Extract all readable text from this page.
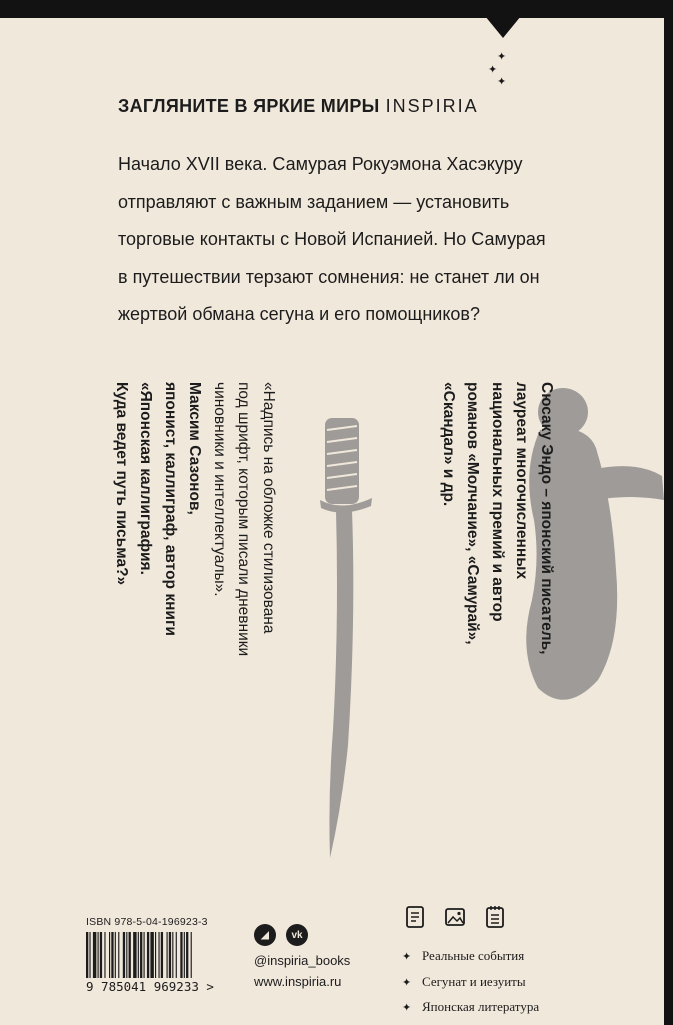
✦
✦
✦
ЗАГЛЯНИТЕ В ЯРКИЕ МИРЫ INSPIRIA
Начало XVII века. Самурая Рокуэмона Хасэкуру
отправляют с важным заданием — установить
торговые контакты с Новой Испанией. Но Самурая
в путешествии терзают сомнения: не станет ли он
жертвой обмана сегуна и его помощников?
Сюсаку Эндо – японский писатель,
лауреат многочисленных
национальных премий и автор
романов «Молчание», «Самурай»,
«Скандал» и др.
«Надпись на обложке стилизована
под шрифт, которым писали дневники
чиновники и интеллектуалы».
Максим Сазонов,
японист, каллиграф, автор книги
«Японская каллиграфия.
Куда ведет путь письма?»
ISBN 978-5-04-196923-3
9 785041 969233 >
◢ vk
@inspiria_books
www.inspiria.ru
✦ Реальные события
✦ Сегунат и иезуиты
✦ Японская литература
